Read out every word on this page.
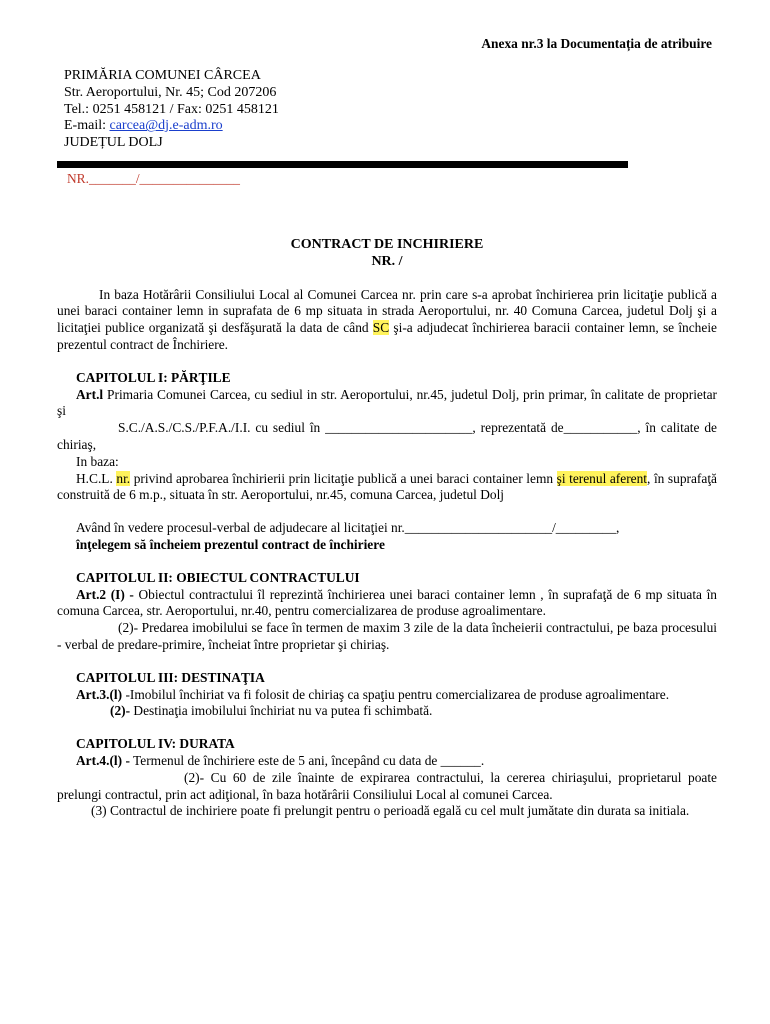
Anexa nr.3 la Documentația de atribuire
PRIMĂRIA COMUNEI CÂRCEA
Str. Aeroportului, Nr. 45; Cod 207206
Tel.: 0251 458121 / Fax: 0251 458121
E-mail: carcea@dj.e-adm.ro
JUDEȚUL DOLJ
NR._______/_______________
CONTRACT DE INCHIRIERE
NR. /

In baza Hotărârii Consiliului Local al Comunei Carcea nr. prin care s-a aprobat închirierea prin licitaţie publică a unei baraci container lemn in suprafata de 6 mp situata in strada Aeroportului, nr. 40 Comuna Carcea, judetul Dolj şi a licitaţiei publice organizată şi desfăşurată la data de când SC şi-a adjudecat închirierea baracii container lemn, se încheie prezentul contract de Închiriere.

CAPITOLUL I: PĂRŢILE

Art.l Primaria Comunei Carcea, cu sediul in str. Aeroportului, nr.45, judetul Dolj, prin primar, în calitate de proprietar şi

S.C./A.S./C.S./P.F.A./I.I. cu sediul în ______________________, reprezentată de___________, în calitate de chiriaş,

In baza:

H.C.L. nr. privind aprobarea închirierii prin licitaţie publică a unei baraci container lemn şi terenul aferent, în suprafaţă construită de 6 m.p., situata în str. Aeroportului, nr.45, comuna Carcea, judetul Dolj

Având în vedere procesul-verbal de adjudecare al licitaţiei nr.______________________/_________,

înţelegem să încheiem prezentul contract de închiriere

CAPITOLUL II: OBIECTUL CONTRACTULUI

Art.2 (I) - Obiectul contractului îl reprezintă închirierea unei baraci container lemn , în suprafaţă de 6 mp situata în comuna Carcea, str. Aeroportului, nr.40, pentru comercializarea de produse agroalimentare.

(2)- Predarea imobilului se face în termen de maxim 3 zile de la data încheierii contractului, pe baza procesului - verbal de predare-primire, încheiat între proprietar şi chiriaş.

CAPITOLUL III: DESTINAŢIA

Art.3.(l) -Imobilul închiriat va fi folosit de chiriaş ca spaţiu pentru comercializarea de produse agroalimentare.

(2)- Destinaţia imobilului închiriat nu va putea fi schimbată.

CAPITOLUL IV: DURATA

Art.4.(l) - Termenul de închiriere este de 5 ani, începând cu data de ______.

(2)- Cu 60 de zile înainte de expirarea contractului, la cererea chiriaşului, proprietarul poate prelungi contractul, prin act adiţional, în baza hotărârii Consiliului Local al comunei Carcea.

(3) Contractul de inchiriere poate fi prelungit pentru o perioadă egală cu cel mult jumătate din durata sa initiala.
